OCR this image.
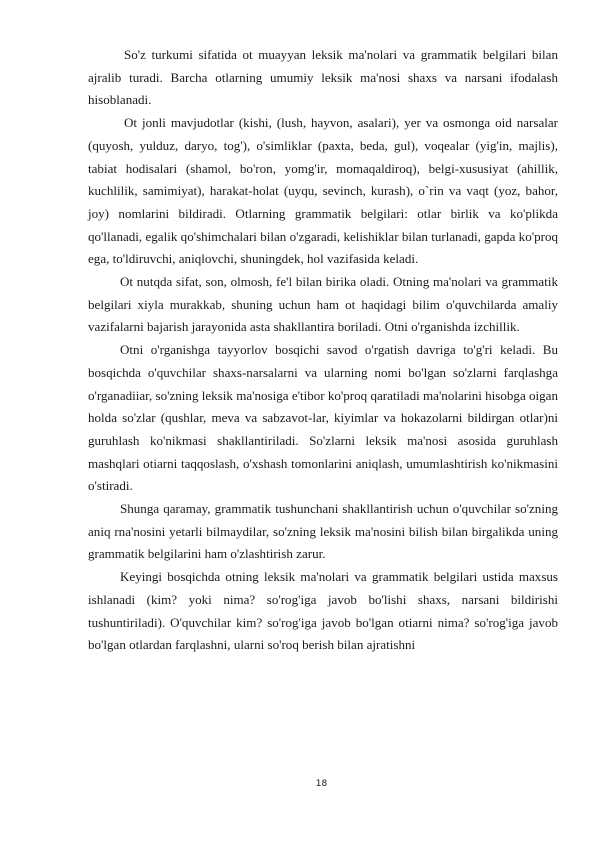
So'z turkumi sifatida ot muayyan leksik ma'nolari va grammatik belgilari bilan ajralib turadi. Barcha otlarning umumiy leksik ma'nosi shaxs va narsani ifodalash hisoblanadi.

Ot jonli mavjudotlar (kishi, (lush, hayvon, asalari), yer va osmonga oid narsalar (quyosh, yulduz, daryo, tog'), o'simliklar (paxta, beda, gul), voqealar (yig'in, majlis), tabiat hodisalari (shamol, bo'ron, yomg'ir, momaqaldiroq), belgi-xususiyat (ahillik, kuchlilik, samimiyat), harakat-holat (uyqu, sevinch, kurash), o`rin va vaqt (yoz, bahor, joy) nomlarini bildiradi. Otlarning grammatik belgilari: otlar birlik va ko'plikda qo'llanadi, egalik qo'shimchalari bilan o'zgaradi, kelishiklar bilan turlanadi, gapda ko'proq ega, to'ldiruvchi, aniqlovchi, shuningdek, hol vazifasida keladi.

Ot nutqda sifat, son, olmosh, fe'l bilan birika oladi. Otning ma'nolari va grammatik belgilari xiyla murakkab, shuning uchun ham ot haqidagi bilim o'quvchilarda amaliy vazifalarni bajarish jarayonida asta shakllantira boriladi. Otni o'rganishda izchillik.

Otni o'rganishga tayyorlov bosqichi savod o'rgatish davriga to'g'ri keladi. Bu bosqichda o'quvchilar shaxs-narsalarni va ularning nomi bo'lgan so'zlarni farqlashga o'rganadiiar, so'zning leksik ma'nosiga e'tibor ko'proq qaratiladi ma'nolarini hisobga oigan holda so'zlar (qushlar, meva va sabzavot-lar, kiyimlar va hokazolarni bildirgan otlar)ni guruhlash ko'nikmasi shakllantiriladi. So'zlarni leksik ma'nosi asosida guruhlash mashqlari otiarni taqqoslash, o'xshash tomonlarini aniqlash, umumlashtirish ko'nikmasini o'stiradi.

Shunga qaramay, grammatik tushunchani shakllantirish uchun o'quvchilar so'zning aniq rna'nosini yetarli bilmaydilar, so'zning leksik ma'nosini bilish bilan birgalikda uning grammatik belgilarini ham o'zlashtirish zarur.

Keyingi bosqichda otning leksik ma'nolari va grammatik belgilari ustida maxsus ishlanadi (kim? yoki nima? so'rog'iga javob bo'lishi shaxs, narsani bildirishi tushuntiriladi). O'quvchilar kim? so'rog'iga javob bo'lgan otiarni nima? so'rog'iga javob bo'lgan otlardan farqlashni, ularni so'roq berish bilan ajratishni

18
